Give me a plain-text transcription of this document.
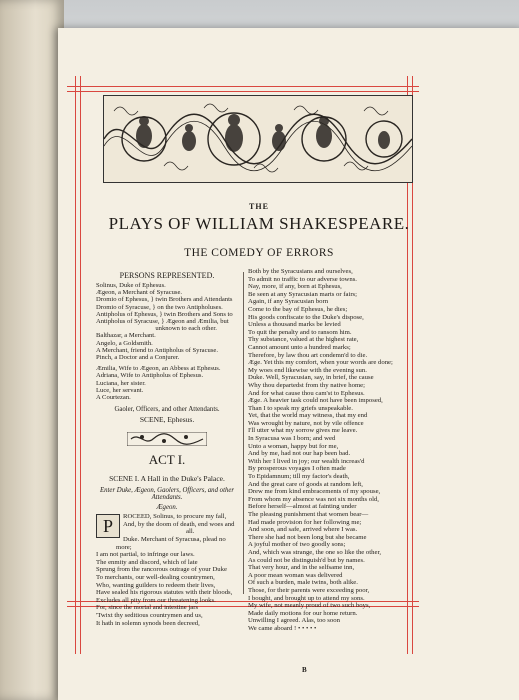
THE
PLAYS OF WILLIAM SHAKESPEARE.
THE COMEDY OF ERRORS
PERSONS REPRESENTED.
Solinus, Duke of Ephesus.
Ægeon, a Merchant of Syracuse.
Dromio of Ephesus, } twin Brothers and Attendants
Dromio of Syracuse, } on the two Antipholuses.
Antipholus of Ephesus, } twin Brothers and Sons to
Antipholus of Syracuse, } Ægeon and Æmilia, but
unknown to each other.
Balthazar, a Merchant.
Angelo, a Goldsmith.
A Merchant, friend to Antipholus of Syracuse.
Pinch, a Doctor and a Conjurer.
Æmilia, Wife to Ægeon, an Abbess at Ephesus.
Adriana, Wife to Antipholus of Ephesus.
Luciana, her sister.
Luce, her servant.
A Courtezan.
Gaoler, Officers, and other Attendants.
SCENE, Ephesus.
ACT I.
SCENE I. A Hall in the Duke's Palace.
Enter Duke, Ægeon, Gaolers, Officers, and other
Attendants.
Ægeon.
P	ROCEED, Solinus, to procure my fall,
And, by the doom of death, end woes and
all.
Duke. Merchant of Syracusa, plead no
more;
I am not partial, to infringe our laws.
The enmity and discord, which of late
Sprung from the rancorous outrage of your Duke
To merchants, our well-dealing countrymen,
Who, wanting guilders to redeem their lives,
Have sealed his rigorous statutes with their bloods,
Excludes all pity from our threatening looks.
For, since the mortal and intestine jars
'Twixt thy seditious countrymen and us,
It hath in solemn synods been decreed,
Both by the Syracusians and ourselves,
To admit no traffic to our adverse towns.
Nay, more, if any, born at Ephesus,
Be seen at any Syracusian marts or fairs;
Again, if any Syracusian born
Come to the bay of Ephesus, he dies;
His goods confiscate to the Duke's dispose,
Unless a thousand marks be levied
To quit the penalty and to ransom him.
Thy substance, valued at the highest rate,
Cannot amount unto a hundred marks;
Therefore, by law thou art condemn'd to die.
Æge. Yet this my comfort, when your words are done;
My woes end likewise with the evening sun.
Duke. Well, Syracusian, say, in brief, the cause
Why thou departedst from thy native home;
And for what cause thou cam'st to Ephesus.
Æge. A heavier task could not have been imposed,
Than I to speak my griefs unspeakable.
Yet, that the world may witness, that my end
Was wrought by nature, not by vile offence
I'll utter what my sorrow gives me leave.
In Syracusa was I born; and wed
Unto a woman, happy but for me,
And by me, had not our hap been bad.
With her I lived in joy; our wealth increas'd
By prosperous voyages I often made
To Epidamnum; till my factor's death,
And the great care of goods at random left,
Drew me from kind embracements of my spouse,
From whom my absence was not six months old,
Before herself—almost at fainting under
The pleasing punishment that women bear—
Had made provision for her following me;
And soon, and safe, arrived where I was.
There she had not been long but she became
A joyful mother of two goodly sons;
And, which was strange, the one so like the other,
As could not be distinguish'd but by names.
That very hour, and in the selfsame inn,
A poor mean woman was delivered
Of such a burden, male twins, both alike.
Those, for their parents were exceeding poor,
I bought, and brought up to attend my sons.
My wife, not meanly proud of two such boys,
Made daily motions for our home return.
Unwilling I agreed. Alas, too soon
We came aboard ! • • • • •
B
